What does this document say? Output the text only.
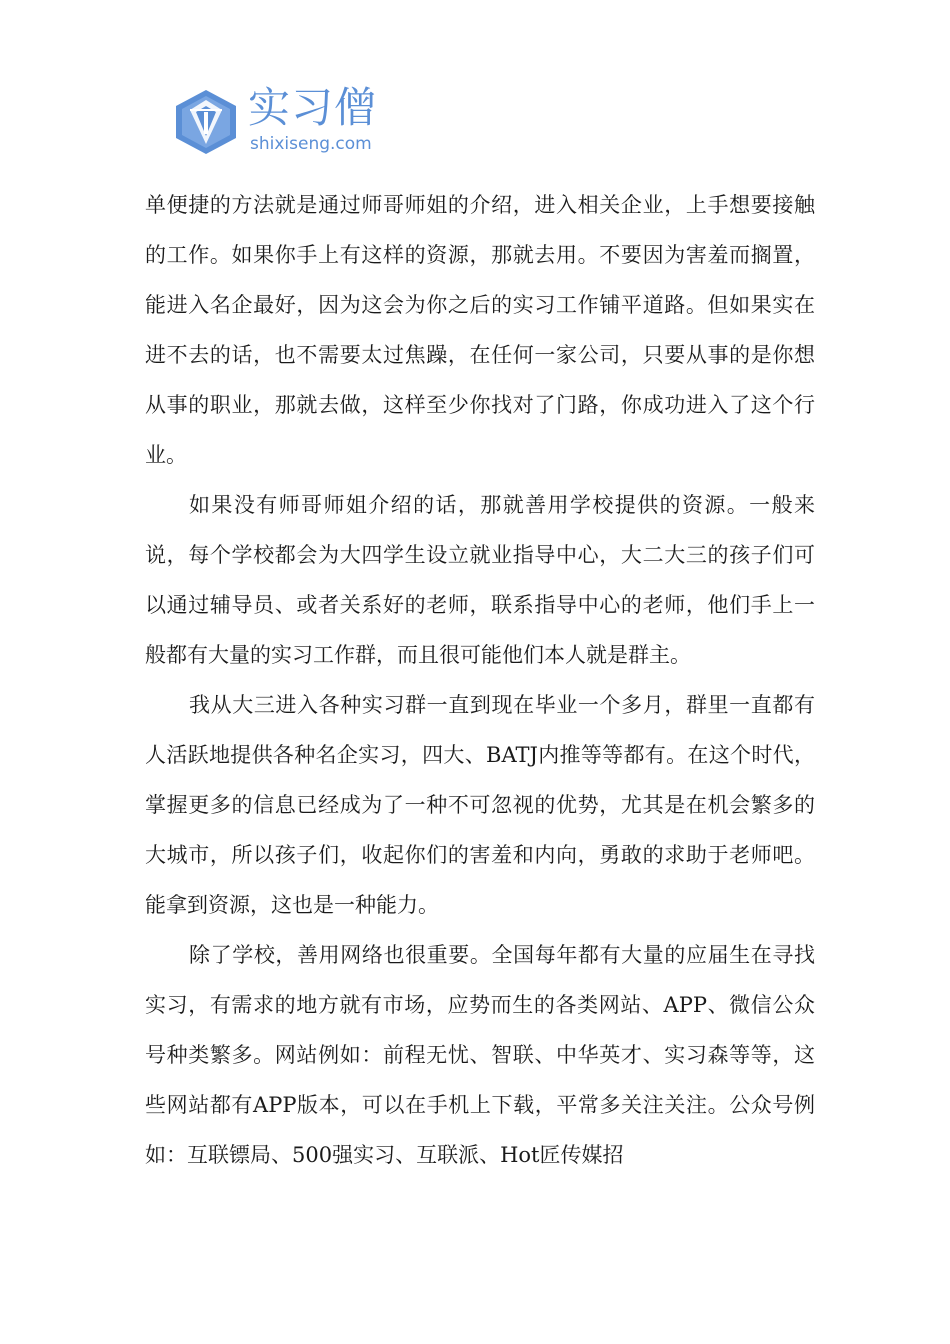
实习僧
shixiseng.com

单便捷的方法就是通过师哥师姐的介绍，进入相关企业，上手想要接触的工作。如果你手上有这样的资源，那就去用。不要因为害羞而搁置，能进入名企最好，因为这会为你之后的实习工作铺平道路。但如果实在进不去的话，也不需要太过焦躁，在任何一家公司，只要从事的是你想从事的职业，那就去做，这样至少你找对了门路，你成功进入了这个行业。

如果没有师哥师姐介绍的话，那就善用学校提供的资源。一般来说，每个学校都会为大四学生设立就业指导中心，大二大三的孩子们可以通过辅导员、或者关系好的老师，联系指导中心的老师，他们手上一般都有大量的实习工作群，而且很可能他们本人就是群主。

我从大三进入各种实习群一直到现在毕业一个多月，群里一直都有人活跃地提供各种名企实习，四大、BATJ内推等等都有。在这个时代，掌握更多的信息已经成为了一种不可忽视的优势，尤其是在机会繁多的大城市，所以孩子们，收起你们的害羞和内向，勇敢的求助于老师吧。能拿到资源，这也是一种能力。

除了学校，善用网络也很重要。全国每年都有大量的应届生在寻找实习，有需求的地方就有市场，应势而生的各类网站、APP、微信公众号种类繁多。网站例如：前程无忧、智联、中华英才、实习森等等，这些网站都有APP版本，可以在手机上下载，平常多关注关注。公众号例如：互联镖局、500强实习、互联派、Hot匠传媒招
